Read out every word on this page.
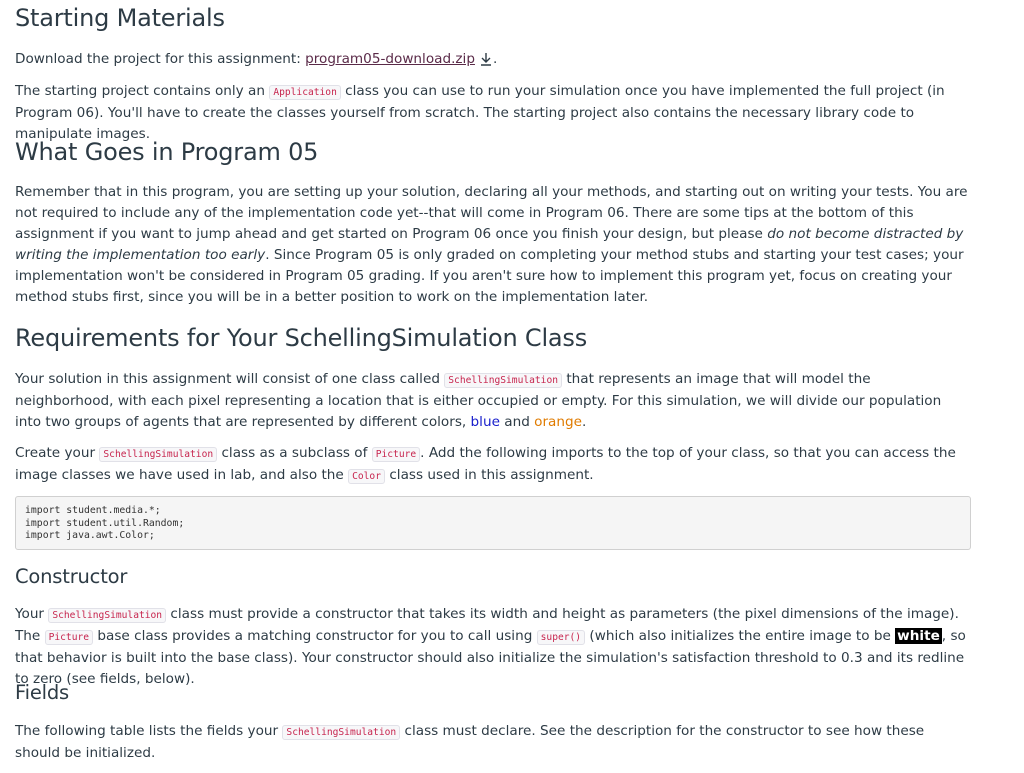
Starting Materials

Download the project for this assignment: program05-download.zip .

The starting project contains only an Application class you can use to run your simulation once you have implemented the full project (in Program 06). You'll have to create the classes yourself from scratch. The starting project also contains the necessary library code to manipulate images.

What Goes in Program 05

Remember that in this program, you are setting up your solution, declaring all your methods, and starting out on writing your tests. You are not required to include any of the implementation code yet--that will come in Program 06. There are some tips at the bottom of this assignment if you want to jump ahead and get started on Program 06 once you finish your design, but please do not become distracted by writing the implementation too early. Since Program 05 is only graded on completing your method stubs and starting your test cases; your implementation won't be considered in Program 05 grading. If you aren't sure how to implement this program yet, focus on creating your method stubs first, since you will be in a better position to work on the implementation later.

Requirements for Your SchellingSimulation Class

Your solution in this assignment will consist of one class called SchellingSimulation that represents an image that will model the neighborhood, with each pixel representing a location that is either occupied or empty. For this simulation, we will divide our population into two groups of agents that are represented by different colors, blue and orange.

Create your SchellingSimulation class as a subclass of Picture . Add the following imports to the top of your class, so that you can access the image classes we have used in lab, and also the Color class used in this assignment.

import student.media.*;
import student.util.Random;
import java.awt.Color;
Constructor

Your SchellingSimulation class must provide a constructor that takes its width and height as parameters (the pixel dimensions of the image). The Picture base class provides a matching constructor for you to call using super() (which also initializes the entire image to be white , so that behavior is built into the base class). Your constructor should also initialize the simulation's satisfaction threshold to 0.3 and its redline to zero (see fields, below).

Fields

The following table lists the fields your SchellingSimulation class must declare. See the description for the constructor to see how these should be initialized.
